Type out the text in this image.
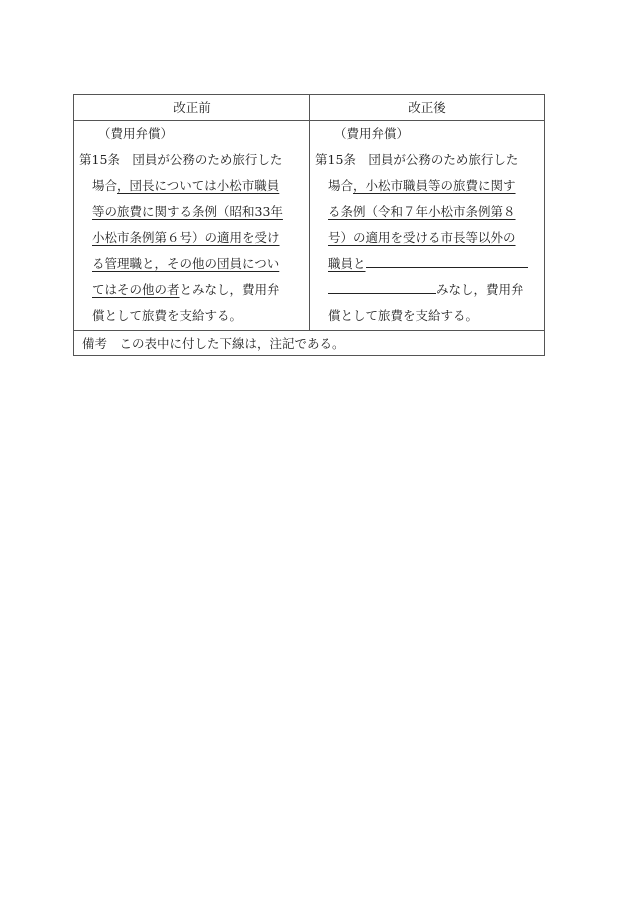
改正前	改正後
（費用弁償）
第15条　団員が公務のため旅行した
場合，団長については小松市職員
等の旅費に関する条例（昭和33年
小松市条例第６号）の適用を受け
る管理職と，その他の団員につい
てはその他の者とみなし，費用弁
償として旅費を支給する。
（費用弁償）
第15条　団員が公務のため旅行した
場合，小松市職員等の旅費に関す
る条例（令和７年小松市条例第８
号）の適用を受ける市長等以外の
職員と
みなし，費用弁
償として旅費を支給する。
備考　この表中に付した下線は，注記である。
